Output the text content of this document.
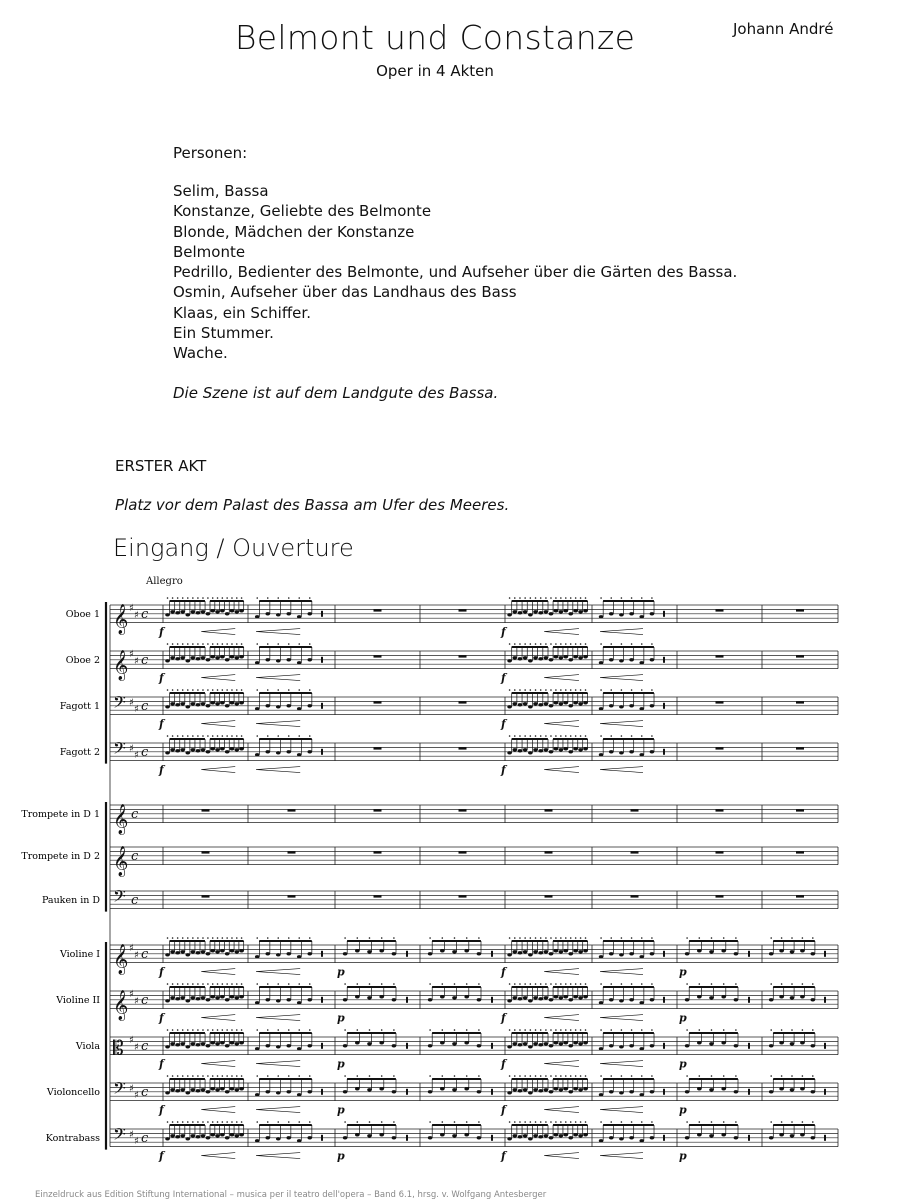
Belmont und Constanze
Oper in 4 Akten
Johann André
Personen:
Selim, Bassa
Konstanze, Geliebte des Belmonte
Blonde, Mädchen der Konstanze
Belmonte
Pedrillo, Bedienter des Belmonte, und Aufseher über die Gärten des Bassa.
Osmin, Aufseher über das Landhaus des Bass
Klaas, ein Schiffer.
Ein Stummer.
Wache.
Die Szene ist auf dem Landgute des Bassa.
ERSTER AKT
Platz vor dem Palast des Bassa am Ufer des Meeres.
Eingang / Ouverture
Allegro
Oboe 1 𝄞 ♯
♯ c
f	f
Oboe 2 𝄞 ♯
♯ c
f	f
Fagott 1 𝄢 ♯
♯ c
f	f
Fagott 2 𝄢 ♯
♯ c
f	f
Trompete in D 1 𝄞 c
Trompete in D 2 𝄞 c
Pauken in D 𝄢 c
Violine I 𝄞 ♯
♯ c
f	p	f	p
Violine II 𝄞 ♯
♯ c
f	p	f	p
Viola 𝄡 ♯
♯ c
f	p	f	p
Violoncello 𝄢 ♯
♯ c
f	p	f	p
Kontrabass 𝄢 ♯
♯ c
f	p	f	p
Einzeldruck aus Edition Stiftung International – musica per il teatro dell'opera – Band 6.1, hrsg. v. Wolfgang Antesberger
